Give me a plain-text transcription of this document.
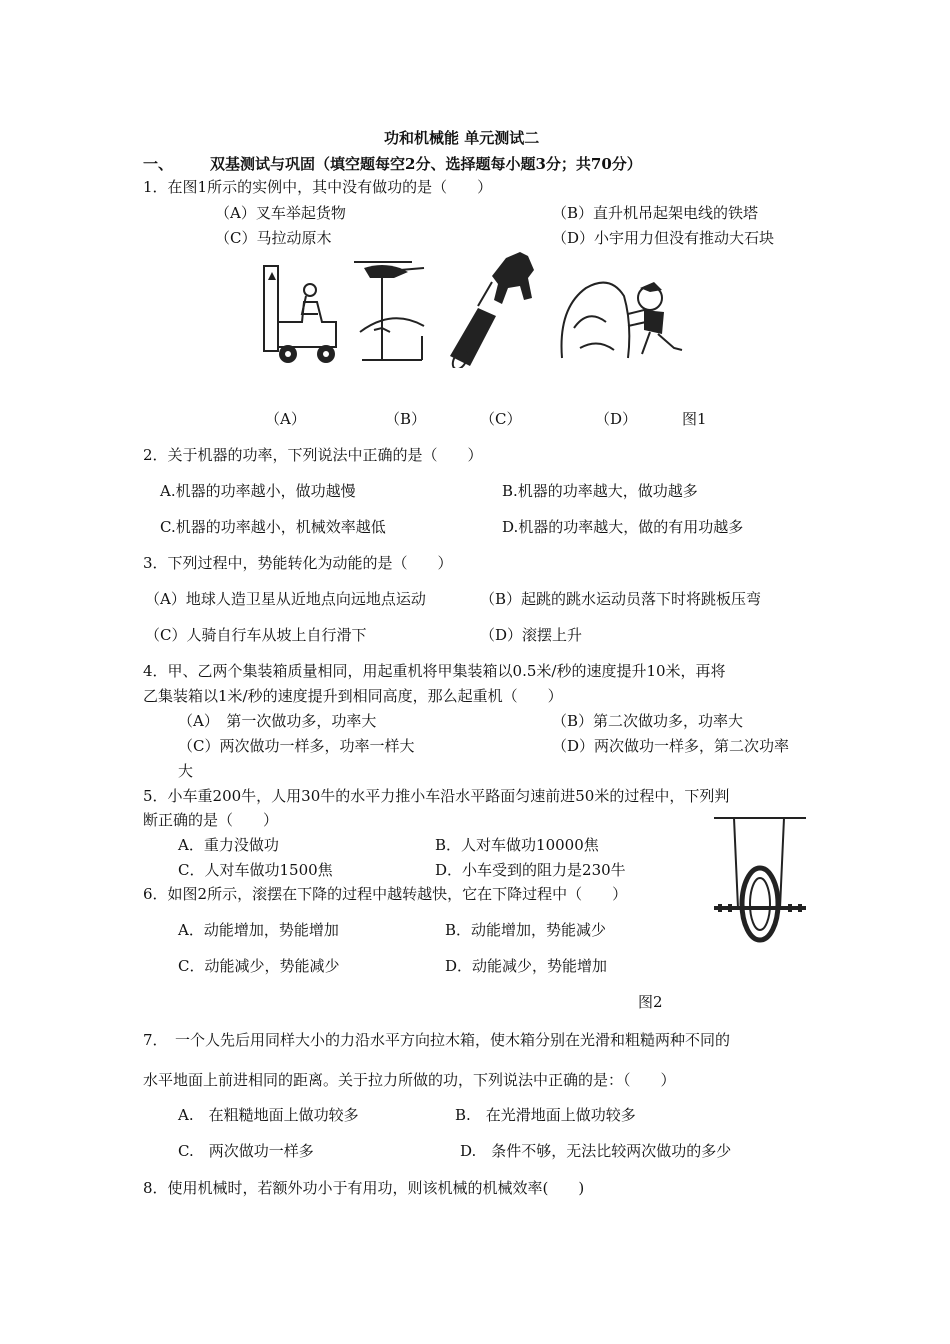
功和机械能 单元测试二
一、 双基测试与巩固（填空题每空2分、选择题每小题3分；共70分）
1．在图1所示的实例中，其中没有做功的是（　　）
（A）叉车举起货物	（B）直升机吊起架电线的铁塔
（C）马拉动原木	（D）小宇用力但没有推动大石块
（A）	（B）	（C）	（D）	图1
2．关于机器的功率，下列说法中正确的是（　　）
A.机器的功率越小，做功越慢	B.机器的功率越大，做功越多
C.机器的功率越小，机械效率越低	D.机器的功率越大，做的有用功越多
3．下列过程中，势能转化为动能的是（　　）
（A）地球人造卫星从近地点向远地点运动	（B）起跳的跳水运动员落下时将跳板压弯
（C）人骑自行车从坡上自行滑下	（D）滚摆上升
4．甲、乙两个集装箱质量相同，用起重机将甲集装箱以0.5米/秒的速度提升10米，再将
乙集装箱以1米/秒的速度提升到相同高度，那么起重机（　　）
（A）　第一次做功多，功率大	（B）第二次做功多，功率大
（C）两次做功一样多，功率一样大	（D）两次做功一样多，第二次功率
大
5．小车重200牛，人用30牛的水平力推小车沿水平路面匀速前进50米的过程中，下列判
断正确的是（　　）
A．重力没做功	B．人对车做功10000焦
C．人对车做功1500焦	D．小车受到的阻力是230牛
6．如图2所示，滚摆在下降的过程中越转越快，它在下降过程中（　　）
A．动能增加，势能增加	B．动能增加，势能减少
C．动能减少，势能减少	D．动能减少，势能增加
图2
7．　一个人先后用同样大小的力沿水平方向拉木箱，使木箱分别在光滑和粗糙两种不同的
水平地面上前进相同的距离。关于拉力所做的功，下列说法中正确的是：（　　）
A.　在粗糙地面上做功较多	B.　在光滑地面上做功较多
C.　两次做功一样多	D.　条件不够，无法比较两次做功的多少
8．使用机械时，若额外功小于有用功，则该机械的机械效率(　　)
